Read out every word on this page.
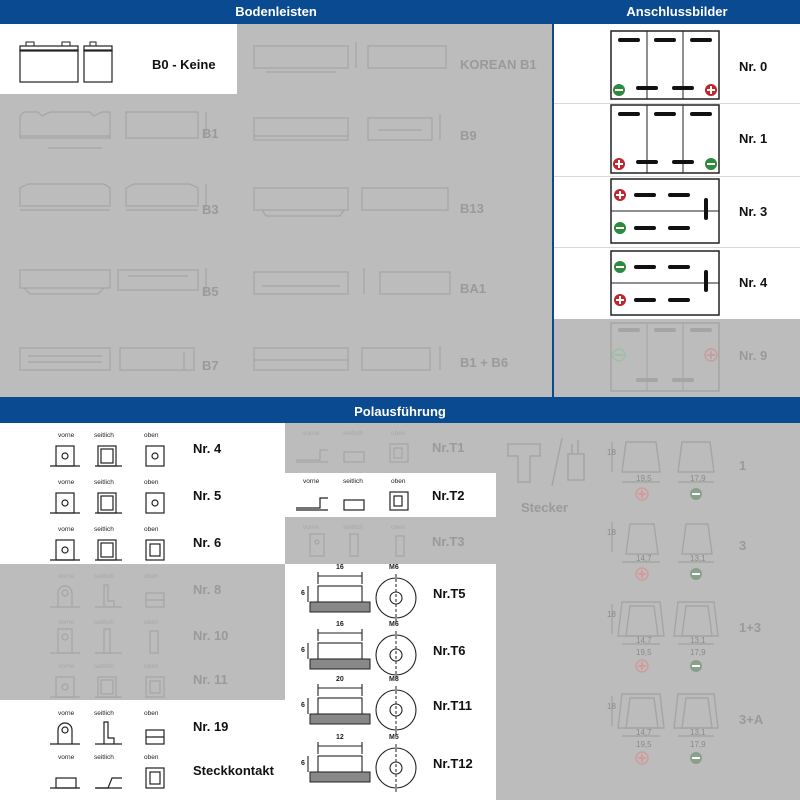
Bodenleisten	Anschlussbilder
Polausführung
B0 - Keine
B1
B3
B5
B7
KOREAN B1
B9
B13
BA1
B1 + B6
Nr. 0
Nr. 1
Nr. 3
Nr. 4
Nr. 9
vorne	seitlich	oben
Nr. 4
vorne	seitlich	oben
Nr. 5
vorne	seitlich	oben
Nr. 6
vorne	seitlich	oben
Nr. 8
vorne	seitlich	oben
Nr. 10
vorne	seitlich	oben
Nr. 11
vorne	seitlich	oben
Nr. 19
vorne	seitlich	oben
Steckkontakt
vorne	seitlich	oben
Nr.T1
vorne	seitlich	oben
Nr.T2
vorne	seitlich	oben
Nr.T3
16	M6
6	Nr.T5
16	M6
6	Nr.T6
20	M8
6	Nr.T11
12	M5
6	Nr.T12
Stecker
18
19,5	17,9
1
18
14,7	13,1
3
18
14,7	13,1
19,5	17,9
1+3
18
14,7	13,1
19,5	17,9
3+A
